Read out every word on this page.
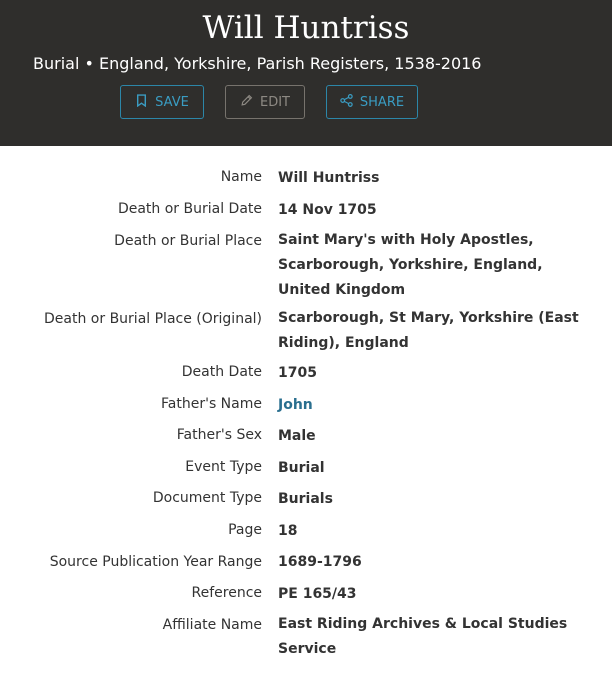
Will Huntriss
Burial • England, Yorkshire, Parish Registers, 1538-2016
SAVE	EDIT	SHARE
Name Will Huntriss
Death or Burial Date 14 Nov 1705
Death or Burial Place Saint Mary's with Holy Apostles, Scarborough, Yorkshire, England, United Kingdom
Death or Burial Place (Original) Scarborough, St Mary, Yorkshire (East Riding), England
Death Date 1705
Father's Name John
Father's Sex Male
Event Type Burial
Document Type Burials
Page 18
Source Publication Year Range 1689-1796
Reference PE 165/43
Affiliate Name East Riding Archives & Local Studies Service
